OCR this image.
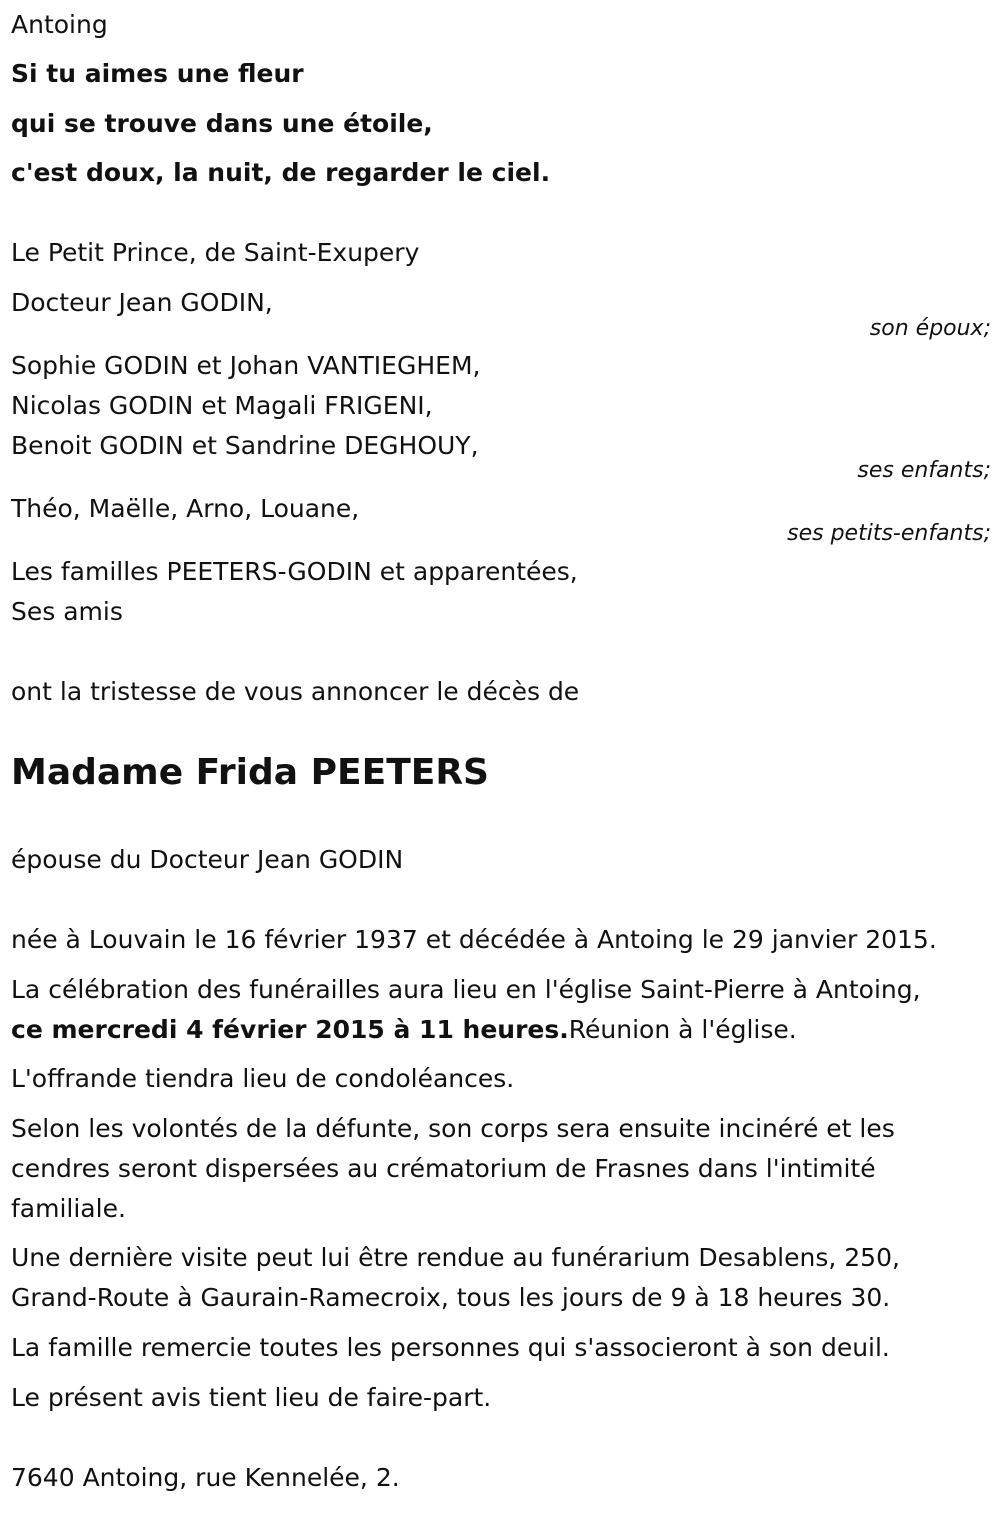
Antoing
Si tu aimes une fleur
qui se trouve dans une étoile,
c'est doux, la nuit, de regarder le ciel.
Le Petit Prince, de Saint-Exupery
Docteur Jean GODIN,
son époux;
Sophie GODIN et Johan VANTIEGHEM,
Nicolas GODIN et Magali FRIGENI,
Benoit GODIN et Sandrine DEGHOUY,
ses enfants;
Théo, Maëlle, Arno, Louane,
ses petits-enfants;
Les familles PEETERS-GODIN et apparentées,
Ses amis
ont la tristesse de vous annoncer le décès de
Madame Frida PEETERS
épouse du Docteur Jean GODIN
née à Louvain le 16 février 1937 et décédée à Antoing le 29 janvier 2015.
La célébration des funérailles aura lieu en l'église Saint-Pierre à Antoing,
ce mercredi 4 février 2015 à 11 heures.Réunion à l'église.
L'offrande tiendra lieu de condoléances.
Selon les volontés de la défunte, son corps sera ensuite incinéré et les cendres seront dispersées au crématorium de Frasnes dans l'intimité familiale.
Une dernière visite peut lui être rendue au funérarium Desablens, 250, Grand-Route à Gaurain-Ramecroix, tous les jours de 9 à 18 heures 30.
La famille remercie toutes les personnes qui s'associeront à son deuil.
Le présent avis tient lieu de faire-part.
7640 Antoing, rue Kennelée, 2.
